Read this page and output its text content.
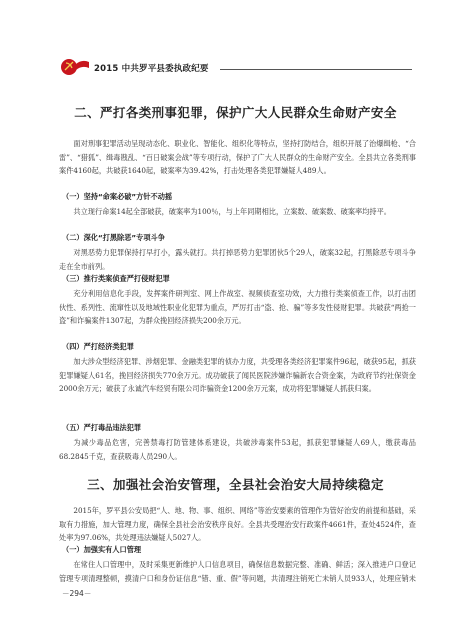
2015 中共罗平县委执政纪要
二、严打各类刑事犯罪，保护广大人民群众生命财产安全

面对刑事犯罪活动呈现动态化、职业化、智能化、组织化等特点，坚持打防结合，组织开展了治爆缉枪、“合雷”、“猎狐”、缉毒戡乱、“百日破案会战”等专项行动，保护了广大人民群众的生命财产安全。全县共立各类刑事案件4160起，共破获1640起，破案率为39.42%，打击处理各类犯罪嫌疑人489人。

（一）坚持“命案必破”方针不动摇

共立现行命案14起全部破获，破案率为100％，与上年同期相比，立案数、破案数、破案率均持平。

（二）深化“打黑除恶”专项斗争

对黑恶势力犯罪保持打早打小，露头就打。共打掉恶势力犯罪团伙5个29人，破案32起，打黑除恶专项斗争走在全市前列。

（三）推行类案侦查严打侵财犯罪

充分利用信息化手段，发挥案件研判室、网上作战室、视频侦查室功效，大力推行类案侦查工作，以打击团伙性、系列性、流窜性以及地域性职业化犯罪为重点，严厉打击“盗、抢、骗”等多发性侵财犯罪。共破获“两抢一盗”和诈骗案件1307起，为群众挽回经济损失200余万元。

（四）严打经济类犯罪

加大涉众型经济犯罪、涉烟犯罪、金融类犯罪的侦办力度，共受理各类经济犯罪案件96起，破获95起，抓获犯罪嫌疑人61名，挽回经济损失770余万元。成功破获了闻民医院涉嫌诈骗新农合资金案，为政府节约社保资金2000余万元；破获了永诚汽车经贸有限公司诈骗资金1200余万元案，成功将犯罪嫌疑人抓获归案。

（五）严打毒品违法犯罪

为减少毒品危害，完善禁毒打防管建体系建设，共破涉毒案件53起，抓获犯罪嫌疑人69人，缴获毒品68.2845千克，查获吸毒人员290人。

三、加强社会治安管理，全县社会治安大局持续稳定

2015年，罗平县公安局把“人、地、物、事、组织、网络”等治安要素的管理作为管好治安的前提和基础，采取有力措施，加大管理力度，确保全县社会治安秩序良好。全县共受理治安行政案件4661件，查处4524件，查处率为97.06%，共处理违法嫌疑人5027人。

（一）加强实有人口管理

在常住人口管理中，及时采集更新维护人口信息项目，确保信息数据完整、准确、鲜活；深入推进户口登记管理专项清理整顿，摸清户口和身份证信息“错、重、假”等问题，共清理注销死亡未销人员933人，处理应销未

－294－
